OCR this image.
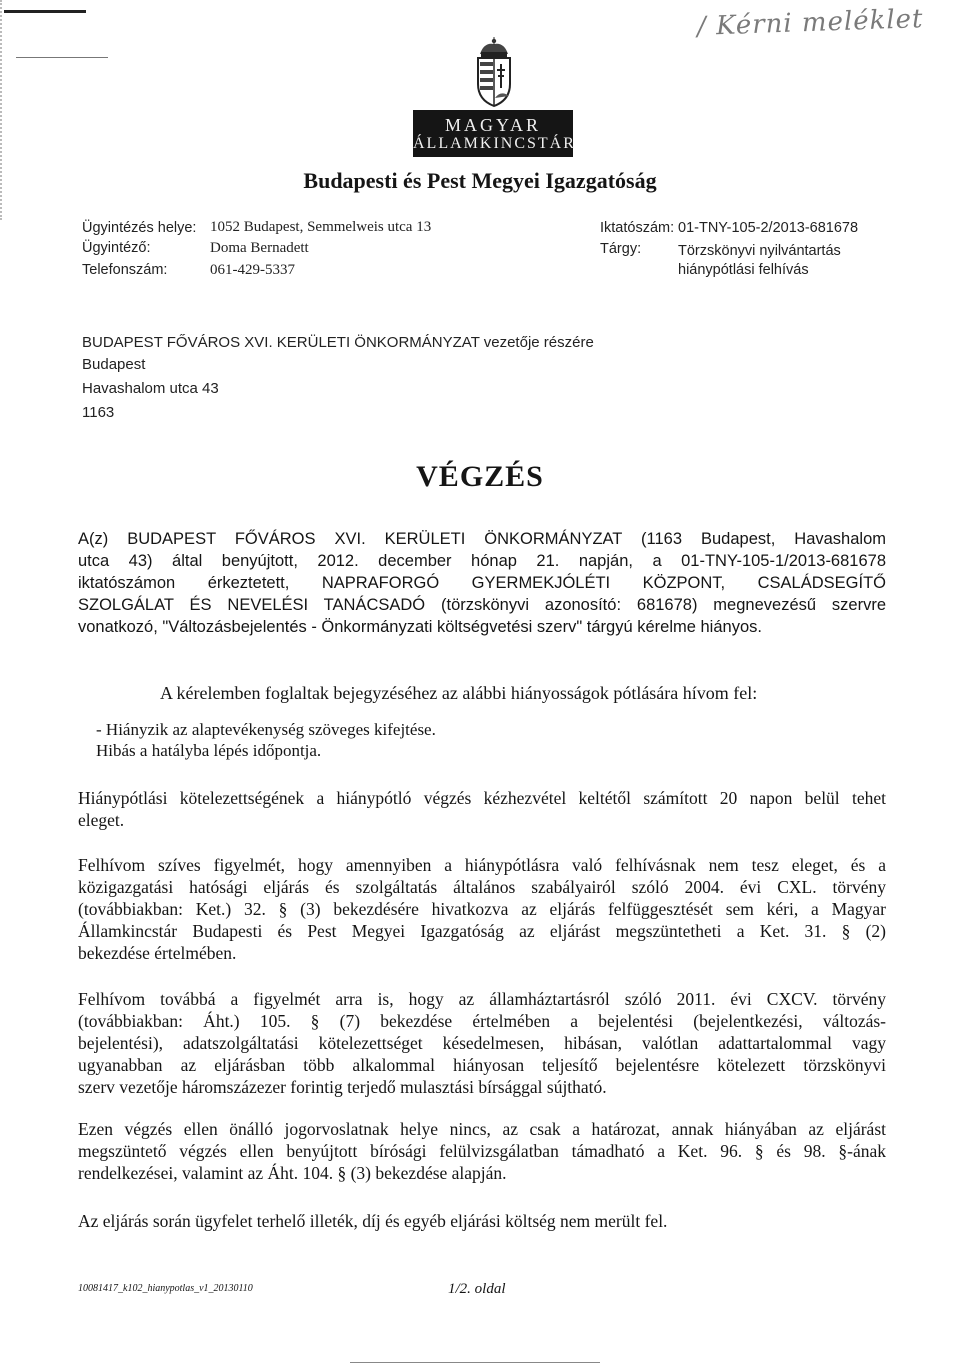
/ Kérni meléklet
MAGYAR
ÁLLAMKINCSTÁR
Budapesti és Pest Megyei Igazgatóság
Ügyintézés helye: 1052 Budapest, Semmelweis utca 13
Ügyintéző:	Doma Bernadett
Telefonszám:	061-429-5337
Iktatószám: 01-TNY-105-2/2013-681678
Tárgy:	Törzskönyvi nyilvántartás
hiánypótlási felhívás
BUDAPEST FŐVÁROS XVI. KERÜLETI ÖNKORMÁNYZAT vezetője részére
Budapest
Havashalom utca 43
1163
VÉGZÉS
A(z) BUDAPEST FŐVÁROS XVI. KERÜLETI ÖNKORMÁNYZAT (1163 Budapest, Havashalom
utca 43) által benyújtott, 2012. december hónap 21. napján, a 01-TNY-105-1/2013-681678
iktatószámon érkeztetett, NAPRAFORGÓ GYERMEKJÓLÉTI KÖZPONT, CSALÁDSEGÍTŐ
SZOLGÁLAT ÉS NEVELÉSI TANÁCSADÓ (törzskönyvi azonosító: 681678) megnevezésű szervre
vonatkozó, "Változásbejelentés - Önkormányzati költségvetési szerv" tárgyú kérelme hiányos.
A kérelemben foglaltak bejegyzéséhez az alábbi hiányosságok pótlására hívom fel:
- Hiányzik az alaptevékenység szöveges kifejtése.
Hibás a hatályba lépés időpontja.
Hiánypótlási kötelezettségének a hiánypótló végzés kézhezvétel keltétől számított 20 napon belül tehet
eleget.
Felhívom szíves figyelmét, hogy amennyiben a hiánypótlásra való felhívásnak nem tesz eleget, és a
közigazgatási hatósági eljárás és szolgáltatás általános szabályairól szóló 2004. évi CXL. törvény
(továbbiakban: Ket.) 32. § (3) bekezdésére hivatkozva az eljárás felfüggesztését sem kéri, a Magyar
Államkincstár Budapesti és Pest Megyei Igazgatóság az eljárást megszüntetheti a Ket. 31. § (2)
bekezdése értelmében.
Felhívom továbbá a figyelmét arra is, hogy az államháztartásról szóló 2011. évi CXCV. törvény
(továbbiakban: Áht.) 105. § (7) bekezdése értelmében a bejelentési (bejelentkezési, változás-
bejelentési), adatszolgáltatási kötelezettséget késedelmesen, hibásan, valótlan adattartalommal vagy
ugyanabban az eljárásban több alkalommal hiányosan teljesítő bejelentésre kötelezett törzskönyvi
szerv vezetője háromszázezer forintig terjedő mulasztási bírsággal sújtható.
Ezen végzés ellen önálló jogorvoslatnak helye nincs, az csak a határozat, annak hiányában az eljárást
megszüntető végzés ellen benyújtott bírósági felülvizsgálatban támadható a Ket. 96. § és 98. §-ának
rendelkezései, valamint az Áht. 104. § (3) bekezdése alapján.
Az eljárás során ügyfelet terhelő illeték, díj és egyéb eljárási költség nem merült fel.
10081417_k102_hianypotlas_v1_20130110	1/2. oldal
